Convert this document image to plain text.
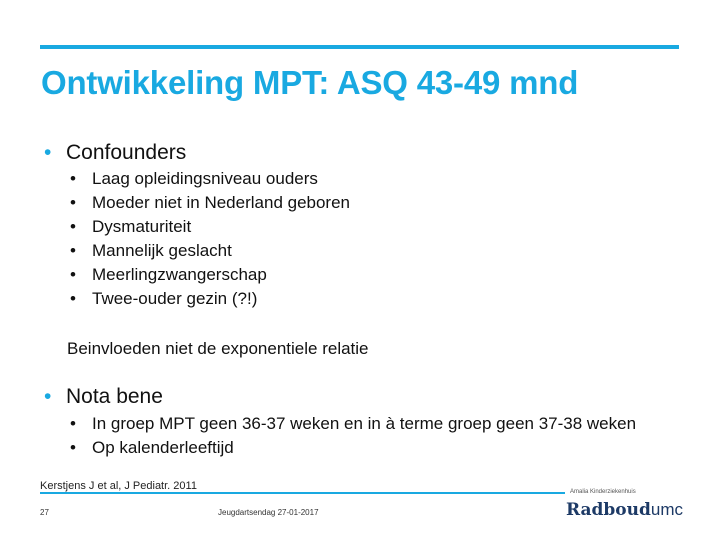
Ontwikkeling MPT: ASQ 43-49 mnd
• Confounders
• Laag opleidingsniveau ouders
• Moeder niet in Nederland geboren
• Dysmaturiteit
• Mannelijk geslacht
• Meerlingzwangerschap
• Twee-ouder gezin (?!)
Beinvloeden niet de exponentiele relatie
• Nota bene
• In groep MPT geen 36-37 weken en in à terme groep geen 37-38 weken
• Op kalenderleeftijd
Kerstjens J et al, J Pediatr. 2011
27	Jeugdartsendag 27-01-2017
Amalia Kinderziekenhuis
Radboudumc
